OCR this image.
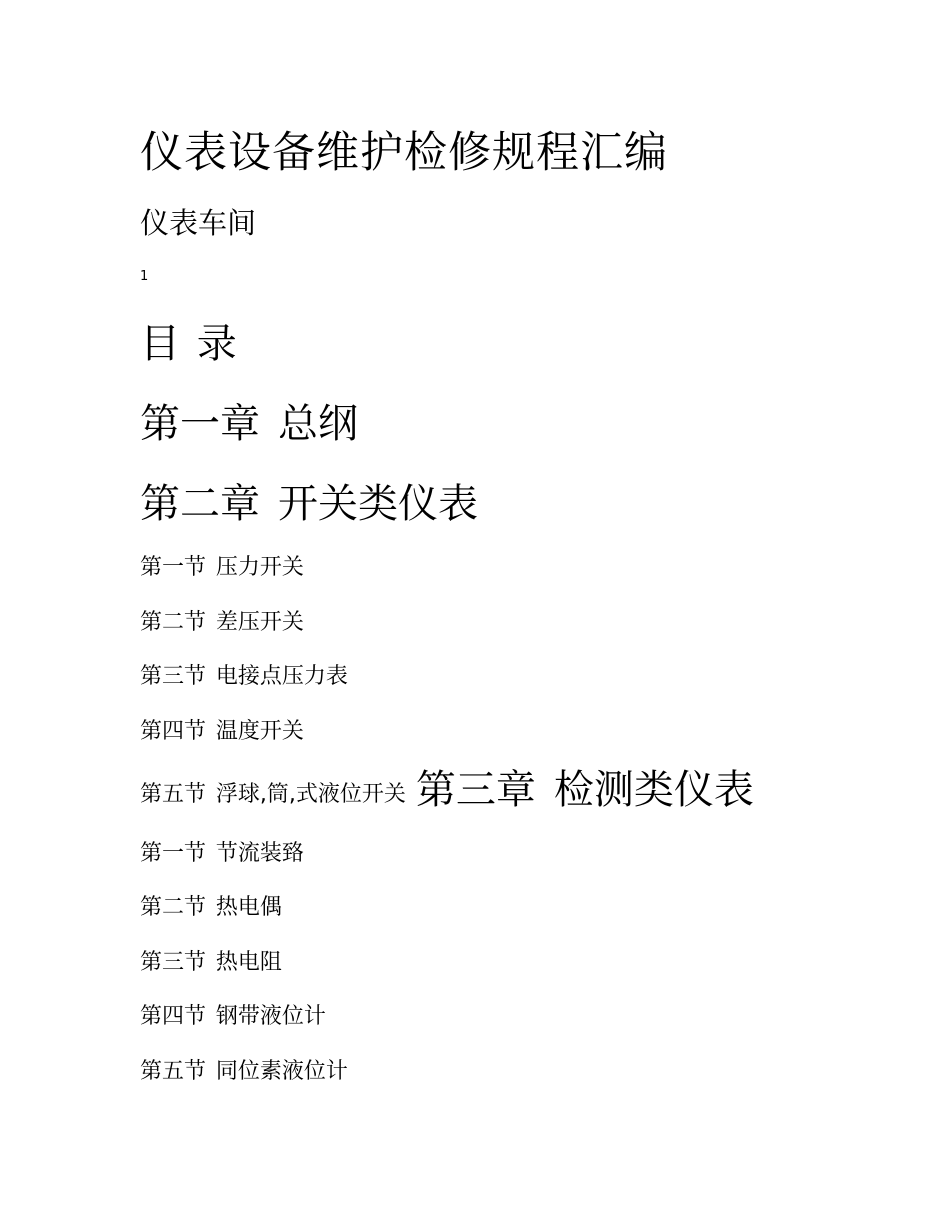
仪表设备维护检修规程汇编
仪表车间
1
目 录
第一章 总纲
第二章 开关类仪表
第一节 压力开关
第二节 差压开关
第三节 电接点压力表
第四节 温度开关
第五节 浮球,筒,式液位开关 第三章 检测类仪表
第一节 节流装臵
第二节 热电偶
第三节 热电阻
第四节 钢带液位计
第五节 同位素液位计
